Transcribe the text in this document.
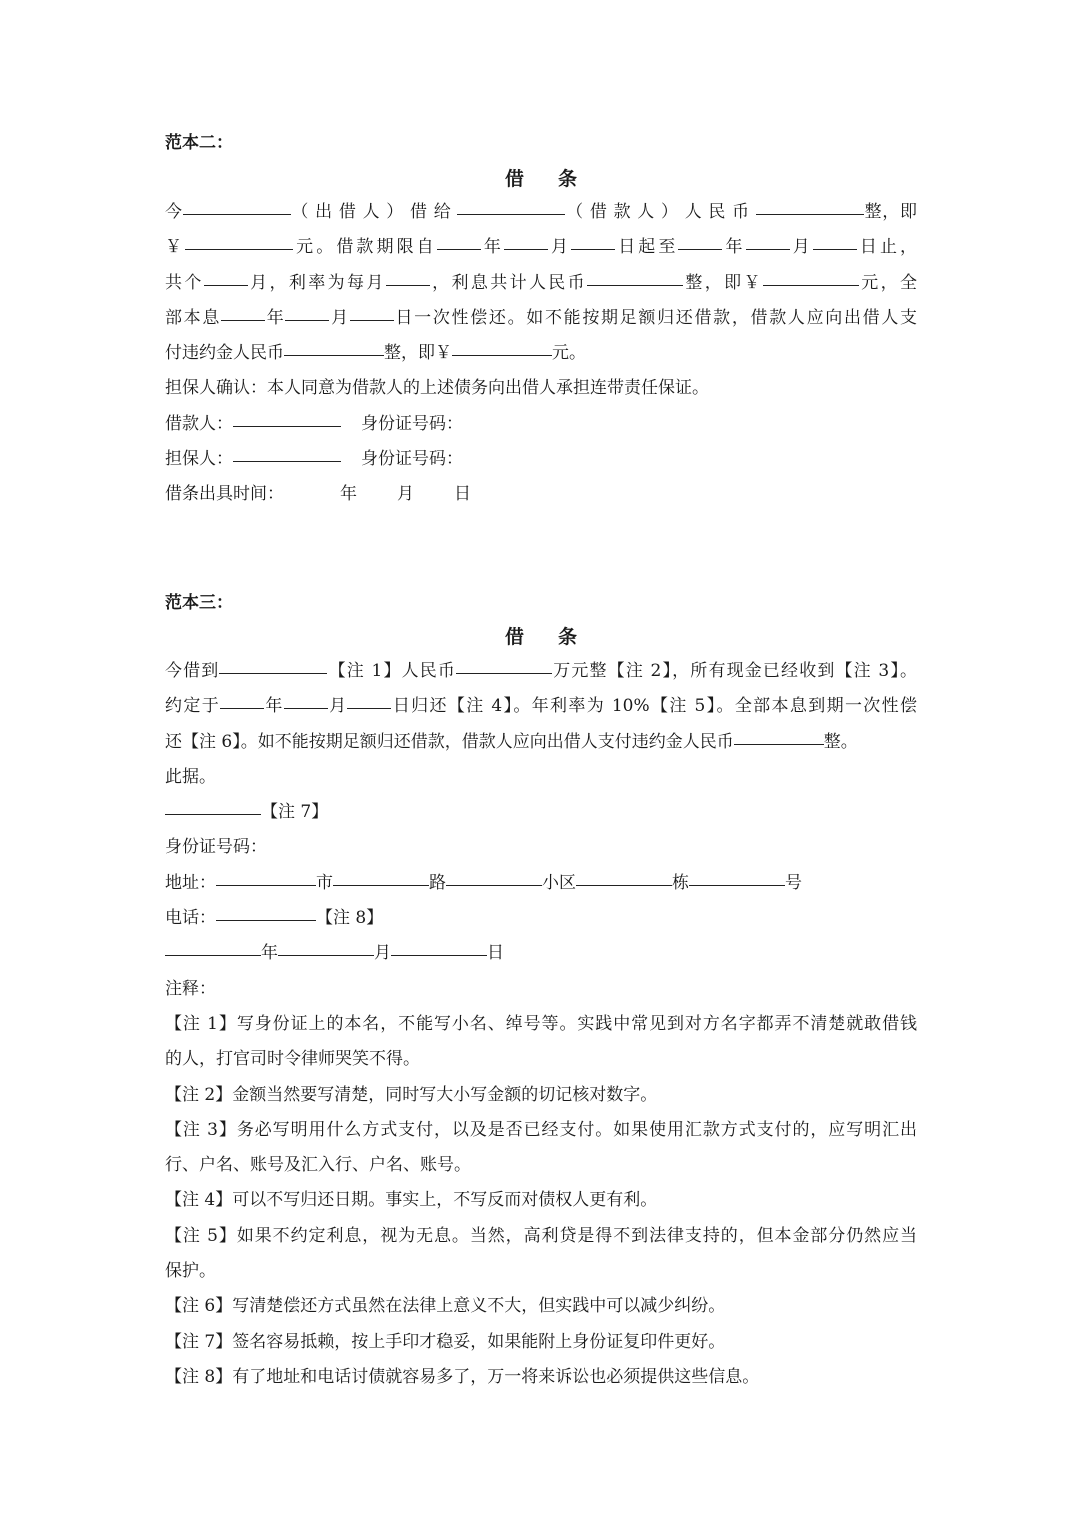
范本二：

借 条

今	（出借人）借给	（借款人）人民币	整，即
￥	元。借款期限自	年	月	日起至	年	月	日止，
共个	月，利率为每月	，利息共计人民币	整，即￥	元，全
部本息	年	月	日一次性偿还。如不能按期足额归还借款，借款人应向出借人支
付违约金人民币	整，即￥	元。
担保人确认：本人同意为借款人的上述债务向出借人承担连带责任保证。
借款人：	身份证号码：
担保人：	身份证号码：
借条出具时间：	年 月 日

范本三：

借 条

今借到	【注 1】人民币	万元整【注 2】，所有现金已经收到【注 3】。
约定于	年	月	日归还【注 4】。年利率为 10%【注 5】。全部本息到期一次性偿
还【注 6】。如不能按期足额归还借款，借款人应向出借人支付违约金人民币	整。
此据。
【注 7】
身份证号码：
地址：	市	路	小区	栋	号
电话：	【注 8】
年	月	日
注释：
【注 1】写身份证上的本名，不能写小名、绰号等。实践中常见到对方名字都弄不清楚就敢借钱
的人，打官司时令律师哭笑不得。
【注 2】金额当然要写清楚，同时写大小写金额的切记核对数字。
【注 3】务必写明用什么方式支付，以及是否已经支付。如果使用汇款方式支付的，应写明汇出
行、户名、账号及汇入行、户名、账号。
【注 4】可以不写归还日期。事实上，不写反而对债权人更有利。
【注 5】如果不约定利息，视为无息。当然，高利贷是得不到法律支持的，但本金部分仍然应当
保护。
【注 6】写清楚偿还方式虽然在法律上意义不大，但实践中可以减少纠纷。
【注 7】签名容易抵赖，按上手印才稳妥，如果能附上身份证复印件更好。
【注 8】有了地址和电话讨债就容易多了，万一将来诉讼也必须提供这些信息。
